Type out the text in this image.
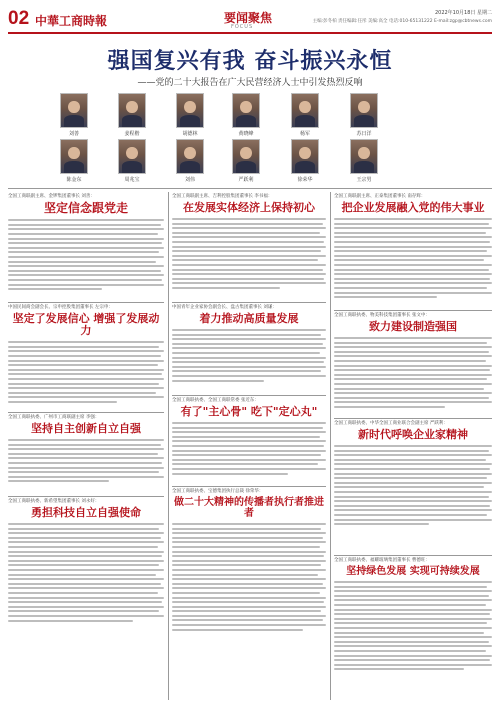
02 中華工商時報	要闻聚焦
FOCUS
2022年10月18日 星期二
主编:彭冬柏 责任编辑:任彤 美编:高全 电话:010-65131222 E-mail:zgp@cbtnews.com
强国复兴有我 奋斗振兴永恒
——党的二十大报告在广大民营经济人士中引发热烈反响
刘善	姜程楷	胡德林	黄晓峰	杨军	苏日洋
陈金东	周兆宝	刘伟	严跃利	徐荣华	王宗男
全国工商联副主席、金锣集团董事长 刘善：
坚定信念跟党走
中国民间商会副会长、宗申控股集团董事长 左宗申：
坚定了发展信心 增强了发展动力
全国工商联执委、广州市工商联副主席 李强：
坚持自主创新自立自强
全国工商联执委、新希望集团董事长 刘永好：
勇担科技自立自强使命
全国工商联副主席、吉利控股集团董事长 李书福：
在发展实体经济上保持初心
中国青年企业家协会副会长、盘古集团董事长 刘谦：
着力推动高质量发展
全国工商联执委、全国工商联常委 张近东：
有了"主心骨" 吃下"定心丸"
全国工商联执委、宝德集团执行总裁 徐荣华：
做二十大精神的传播者执行者推进者
全国工商联副主席、正泰集团董事长 南存辉：
把企业发展融入党的伟大事业
全国工商联执委、物美科技集团董事长 张文中：
致力建设制造强国
全国工商联执委、中华全国工商业联合会副主席 严跃利：
新时代呼唤企业家精神
全国工商联执委、福耀玻璃集团董事长 曹德旺：
坚持绿色发展 实现可持续发展
